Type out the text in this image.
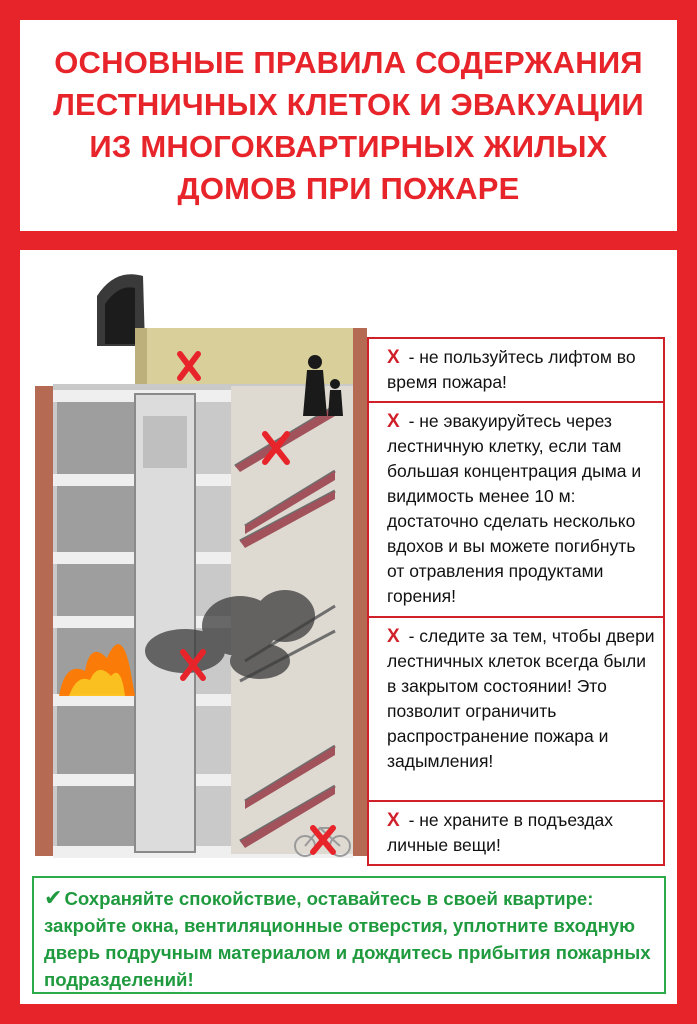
ОСНОВНЫЕ ПРАВИЛА СОДЕРЖАНИЯ ЛЕСТНИЧНЫХ КЛЕТОК И ЭВАКУАЦИИ ИЗ МНОГОКВАРТИРНЫХ ЖИЛЫХ ДОМОВ ПРИ ПОЖАРЕ

Х - не пользуйтесь лифтом во время пожара!

Х - не эвакуируйтесь через лестничную клетку, если там большая концентрация дыма и видимость менее 10 м: достаточно сделать несколько вдохов и вы можете погибнуть от отравления продуктами горения!

Х - следите за тем, чтобы двери лестничных клеток всегда были в закрытом состоянии! Это позволит ограничить распространение пожара и задымления!

Х - не храните в подъездах личные вещи!

✔ Сохраняйте спокойствие, оставайтесь в своей квартире: закройте окна, вентиляционные отверстия, уплотните входную дверь подручным материалом и дождитесь прибытия пожарных подразделений!
